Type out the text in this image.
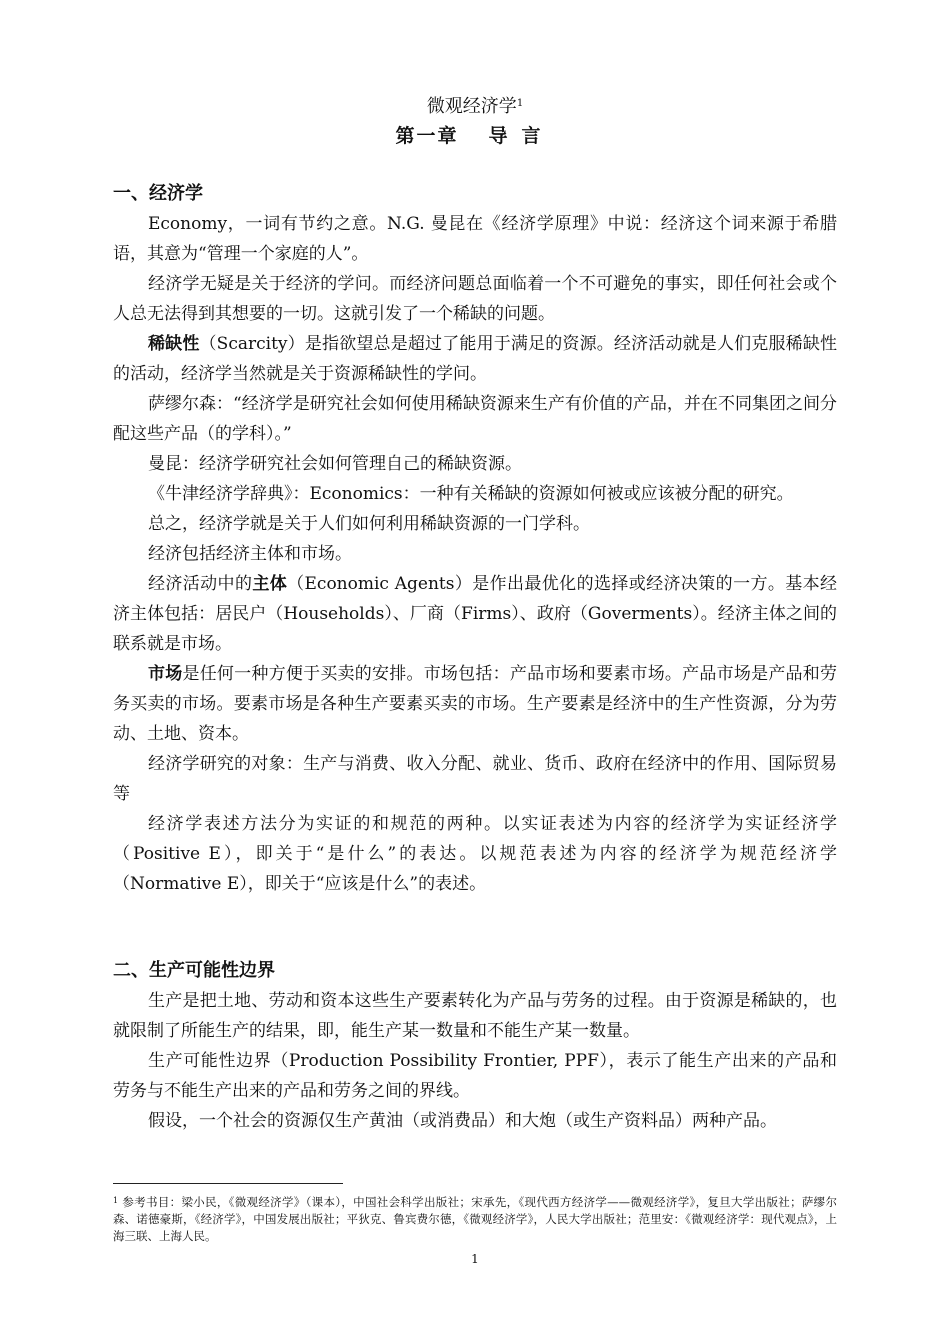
微观经济学$^1$
第一章 导言
一、经济学

Economy，一词有节约之意。N.G. 曼昆在《经济学原理》中说：经济这个词来源于希腊语，其意为“管理一个家庭的人”。

经济学无疑是关于经济的学问。而经济问题总面临着一个不可避免的事实，即任何社会或个人总无法得到其想要的一切。这就引发了一个稀缺的问题。

稀缺性（Scarcity）是指欲望总是超过了能用于满足的资源。经济活动就是人们克服稀缺性的活动，经济学当然就是关于资源稀缺性的学问。

萨缪尔森：“经济学是研究社会如何使用稀缺资源来生产有价值的产品，并在不同集团之间分配这些产品（的学科）。”

曼昆：经济学研究社会如何管理自己的稀缺资源。

《牛津经济学辞典》：Economics：一种有关稀缺的资源如何被或应该被分配的研究。

总之，经济学就是关于人们如何利用稀缺资源的一门学科。

经济包括经济主体和市场。

经济活动中的主体（Economic Agents）是作出最优化的选择或经济决策的一方。基本经济主体包括：居民户（Households）、厂商（Firms）、政府（Goverments）。经济主体之间的联系就是市场。

市场是任何一种方便于买卖的安排。市场包括：产品市场和要素市场。产品市场是产品和劳务买卖的市场。要素市场是各种生产要素买卖的市场。生产要素是经济中的生产性资源，分为劳动、土地、资本。

经济学研究的对象：生产与消费、收入分配、就业、货币、政府在经济中的作用、国际贸易等

经济学表述方法分为实证的和规范的两种。以实证表述为内容的经济学为实证经济学（Positive E），即关于“是什么”的表达。以规范表述为内容的经济学为规范经济学（Normative E），即关于“应该是什么”的表述。

二、生产可能性边界

生产是把土地、劳动和资本这些生产要素转化为产品与劳务的过程。由于资源是稀缺的，也就限制了所能生产的结果，即，能生产某一数量和不能生产某一数量。

生产可能性边界（Production Possibility Frontier, PPF），表示了能生产出来的产品和劳务与不能生产出来的产品和劳务之间的界线。

假设，一个社会的资源仅生产黄油（或消费品）和大炮（或生产资料品）两种产品。

$^1$ 参考书目：梁小民，《微观经济学》（课本），中国社会科学出版社；宋承先，《现代西方经济学——微观经济学》，复旦大学出版社；萨缪尔森、诺德豪斯，《经济学》，中国发展出版社；平狄克、鲁宾费尔德，《微观经济学》，人民大学出版社；范里安：《微观经济学：现代观点》，上海三联、上海人民。
1
